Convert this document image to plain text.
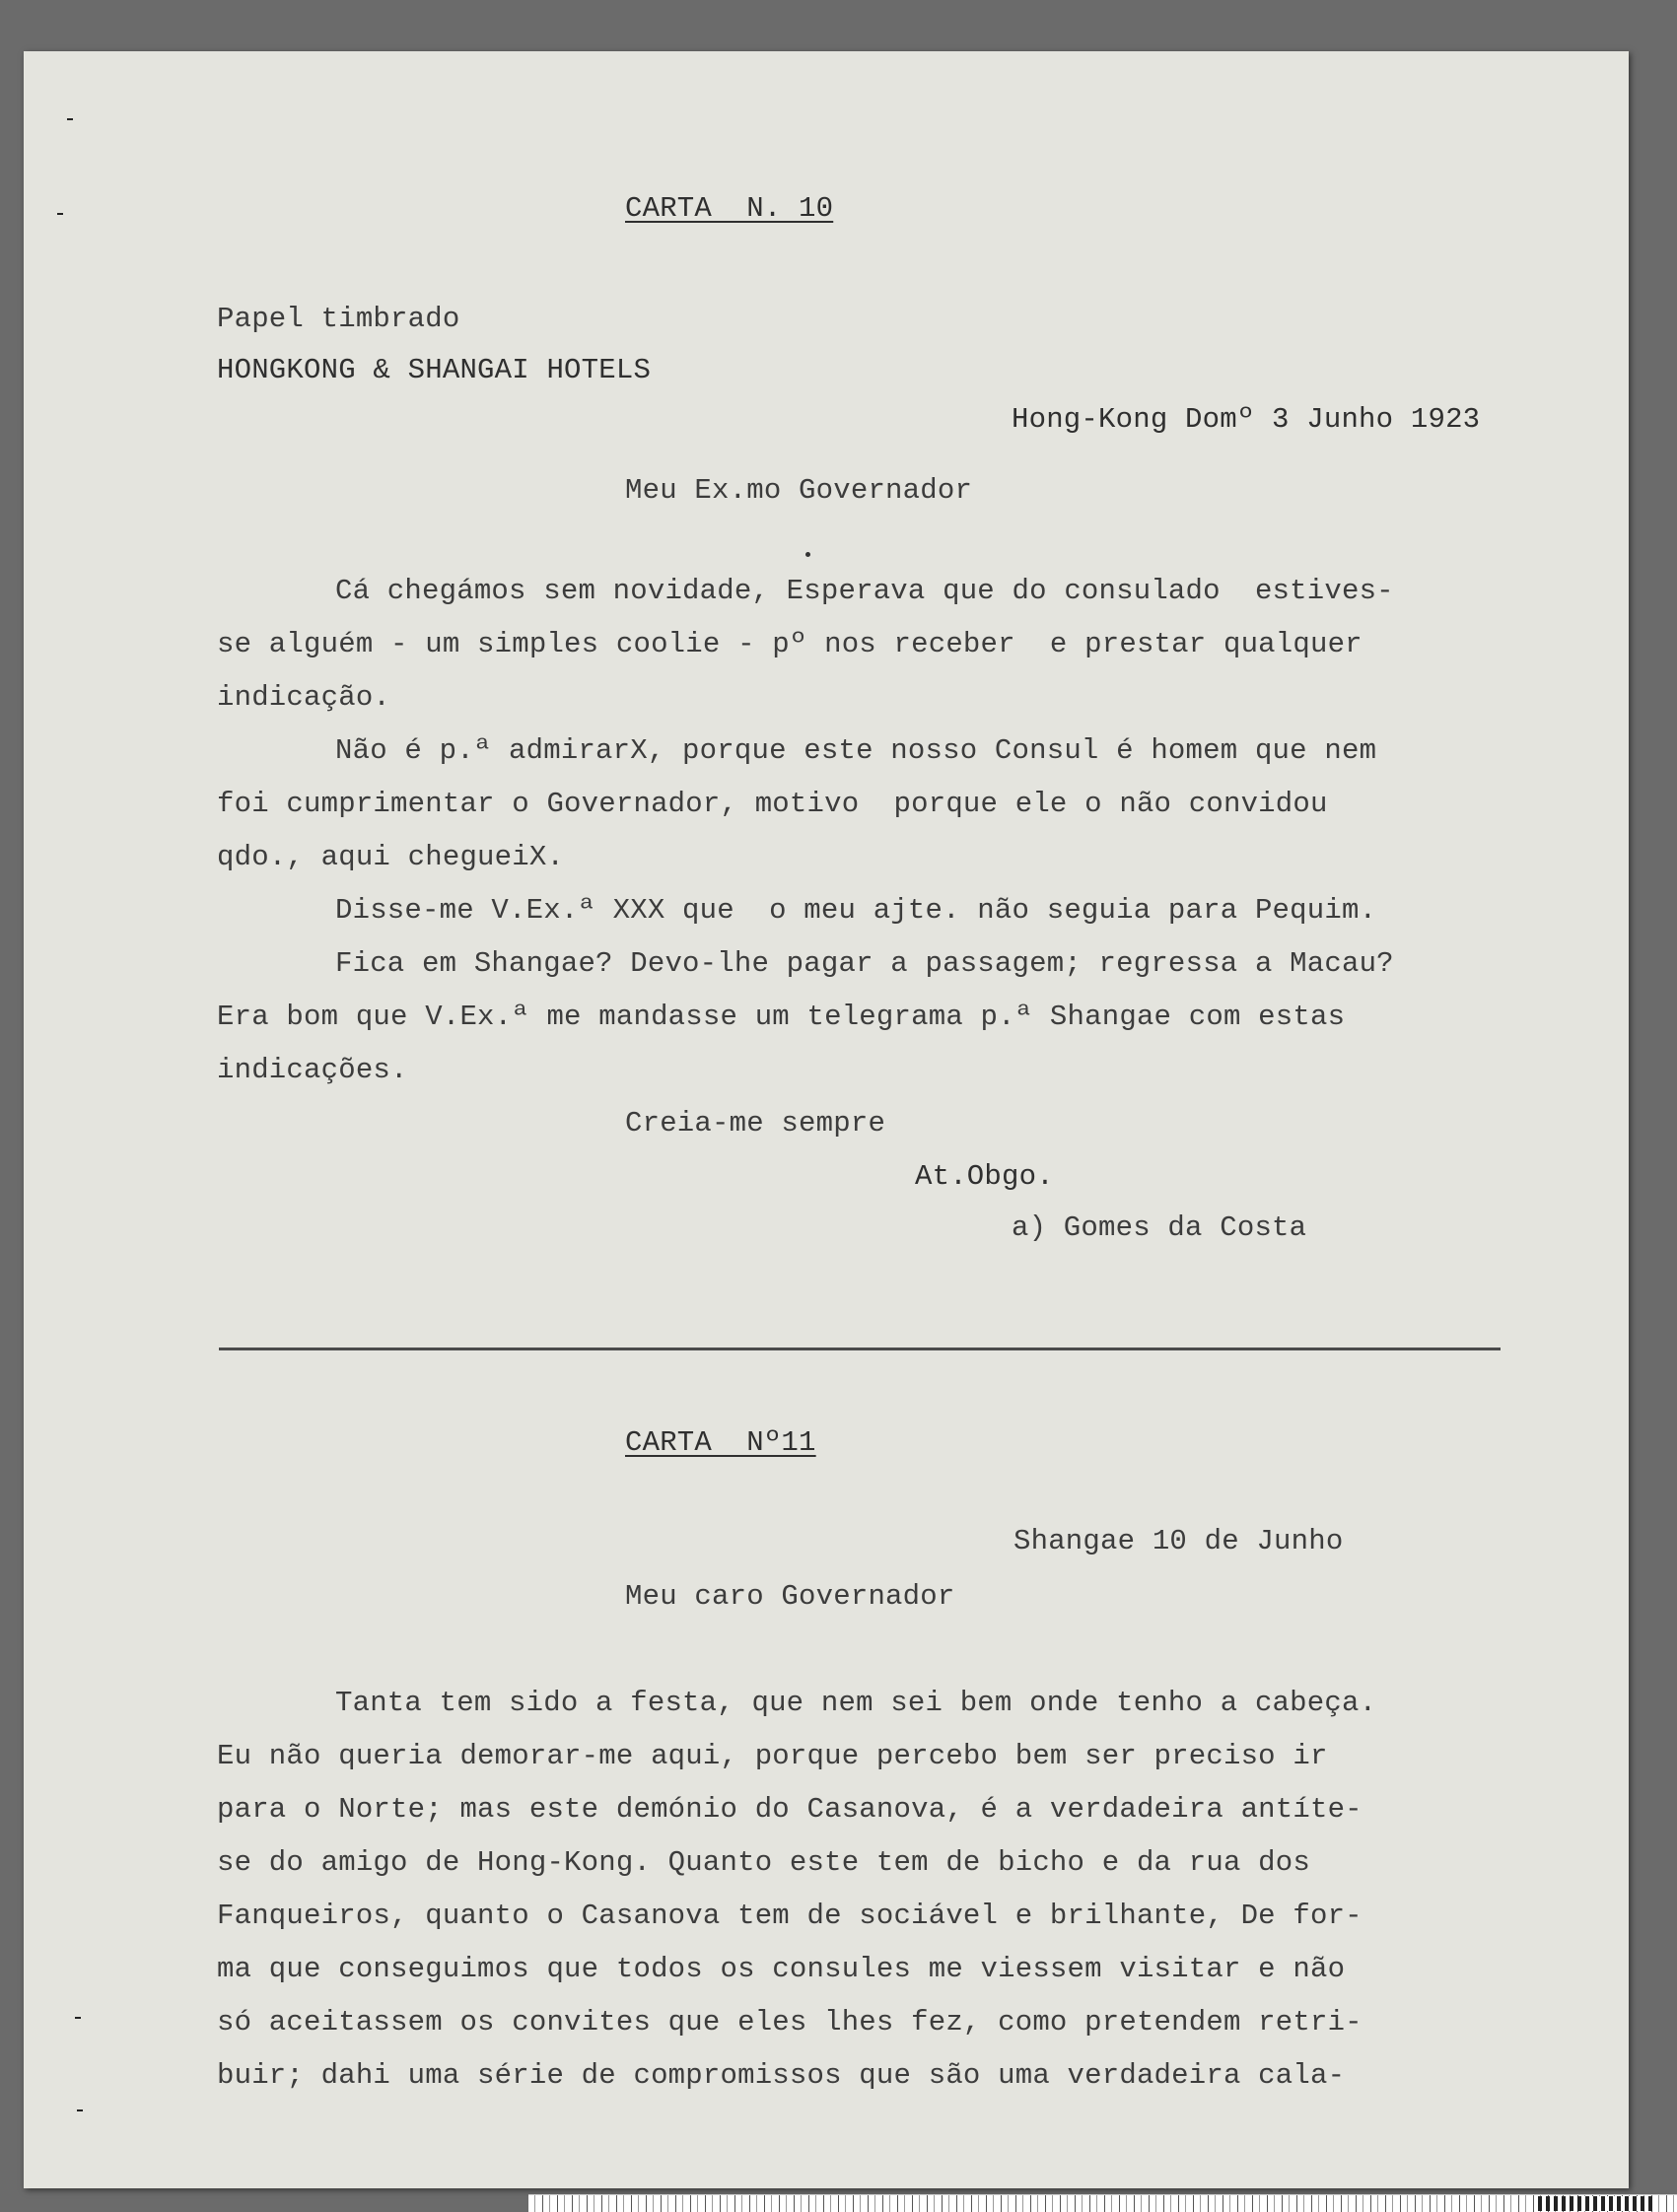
CARTA  N. 10

Papel timbrado

HONGKONG & SHANGAI HOTELS

Hong-Kong Domº 3 Junho 1923

Meu Ex.mo Governador

Cá chegámos sem novidade, Esperava que do consulado  estives-

se alguém - um simples coolie - pº nos receber  e prestar qualquer

indicação.

Não é p.ª admirarX, porque este nosso Consul é homem que nem

foi cumprimentar o Governador, motivo  porque ele o não convidou

qdo., aqui chegueiX.

Disse-me V.Ex.ª XXX que  o meu ajte. não seguia para Pequim.

Fica em Shangae? Devo-lhe pagar a passagem; regressa a Macau?

Era bom que V.Ex.ª me mandasse um telegrama p.ª Shangae com estas

indicações.

Creia-me sempre

At.Obgo.

a) Gomes da Costa

CARTA  Nº11

Shangae 10 de Junho

Meu caro Governador

Tanta tem sido a festa, que nem sei bem onde tenho a cabeça.

Eu não queria demorar-me aqui, porque percebo bem ser preciso ir

para o Norte; mas este demónio do Casanova, é a verdadeira antíte-

se do amigo de Hong-Kong. Quanto este tem de bicho e da rua dos

Fanqueiros, quanto o Casanova tem de sociável e brilhante, De for-

ma que conseguimos que todos os consules me viessem visitar e não

só aceitassem os convites que eles lhes fez, como pretendem retri-

buir; dahi uma série de compromissos que são uma verdadeira cala-
